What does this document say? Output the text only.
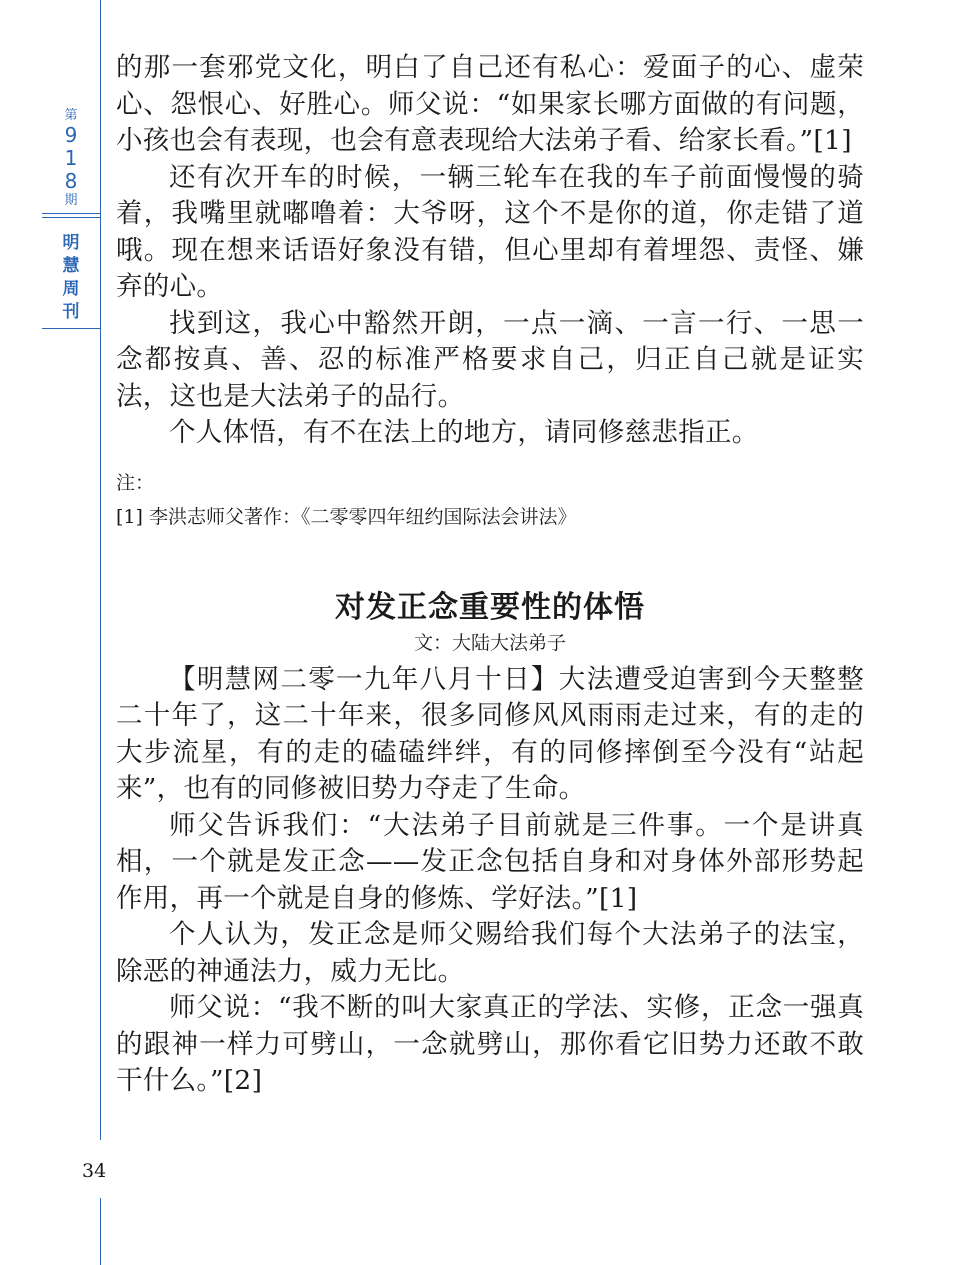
第
9
1
8
期
明
慧
周
刊
34

的那一套邪党文化，明白了自己还有私心：爱面子的心、虚荣心、怨恨心、好胜心。师父说：“如果家长哪方面做的有问题，小孩也会有表现，也会有意表现给大法弟子看、给家长看。”[1]

还有次开车的时候，一辆三轮车在我的车子前面慢慢的骑着，我嘴里就嘟噜着：大爷呀，这个不是你的道，你走错了道哦。现在想来话语好象没有错，但心里却有着埋怨、责怪、嫌弃的心。

找到这，我心中豁然开朗，一点一滴、一言一行、一思一念都按真、善、忍的标准严格要求自己，归正自己就是证实法，这也是大法弟子的品行。

个人体悟，有不在法上的地方，请同修慈悲指正。

注：
[1] 李洪志师父著作：《二零零四年纽约国际法会讲法》
对发正念重要性的体悟
文：大陆大法弟子

【明慧网二零一九年八月十日】大法遭受迫害到今天整整二十年了，这二十年来，很多同修风风雨雨走过来，有的走的大步流星，有的走的磕磕绊绊，有的同修摔倒至今没有“站起来”，也有的同修被旧势力夺走了生命。

师父告诉我们：“大法弟子目前就是三件事。一个是讲真相，一个就是发正念——发正念包括自身和对身体外部形势起作用，再一个就是自身的修炼、学好法。”[1]

个人认为，发正念是师父赐给我们每个大法弟子的法宝，除恶的神通法力，威力无比。

师父说：“我不断的叫大家真正的学法、实修，正念一强真的跟神一样力可劈山，一念就劈山，那你看它旧势力还敢不敢干什么。”[2]
